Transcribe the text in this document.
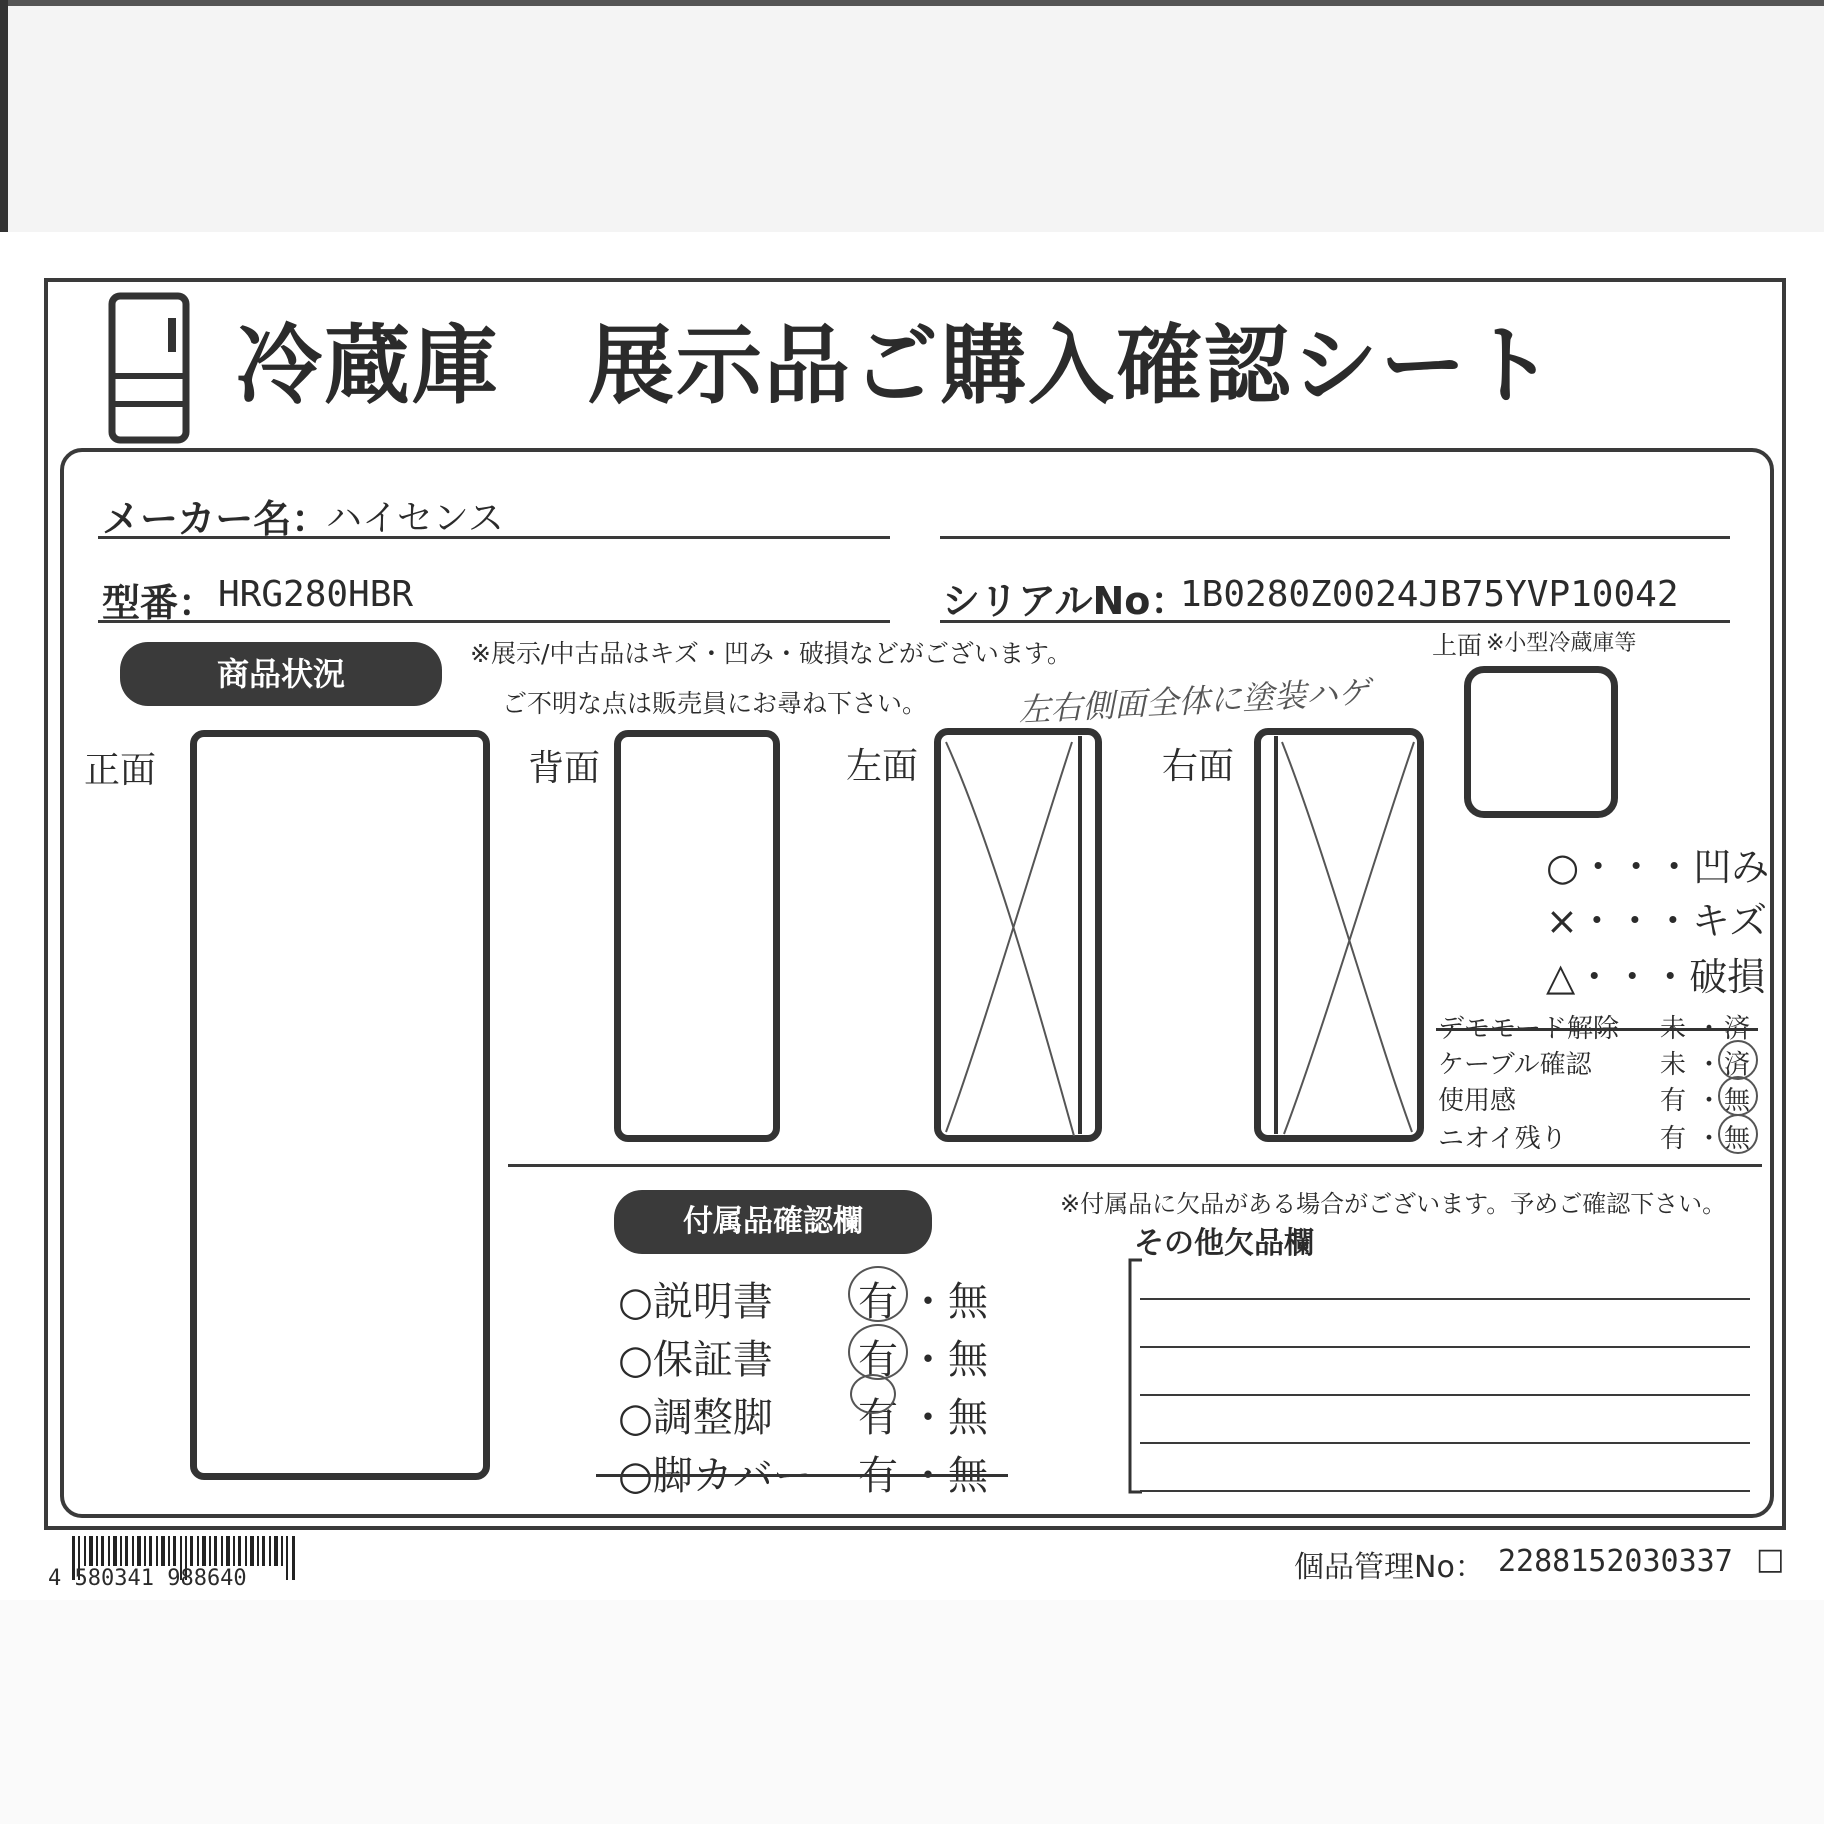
冷蔵庫　展示品ご購入確認シート
メーカー名：
ハイセンス
型番： HRG280HBR	シリアルNo：
1B0280Z0024JB75YVP10042
商品状況
※展示/中古品はキズ・凹み・破損などがございます。
ご不明な点は販売員にお尋ね下さい。	左右側面全体に塗装ハゲ
上面 ※小型冷蔵庫等
正面	背面	左面	右面
○・・・凹み
×・・・キズ
△・・・破損
デモモード解除 未 ・ 済
ケーブル確認	未 ・ 済
使用感	有 ・ 無
ニオイ残り	有 ・ 無
付属品確認欄	※付属品に欠品がある場合がございます。予めご確認下さい。
○説明書 有 ・ 無
○保証書 有 ・ 無
○調整脚 有 ・ 無
○脚カバー 有 ・ 無
その他欠品欄
4 580341 988640	個品管理No： 2288152030337 □
